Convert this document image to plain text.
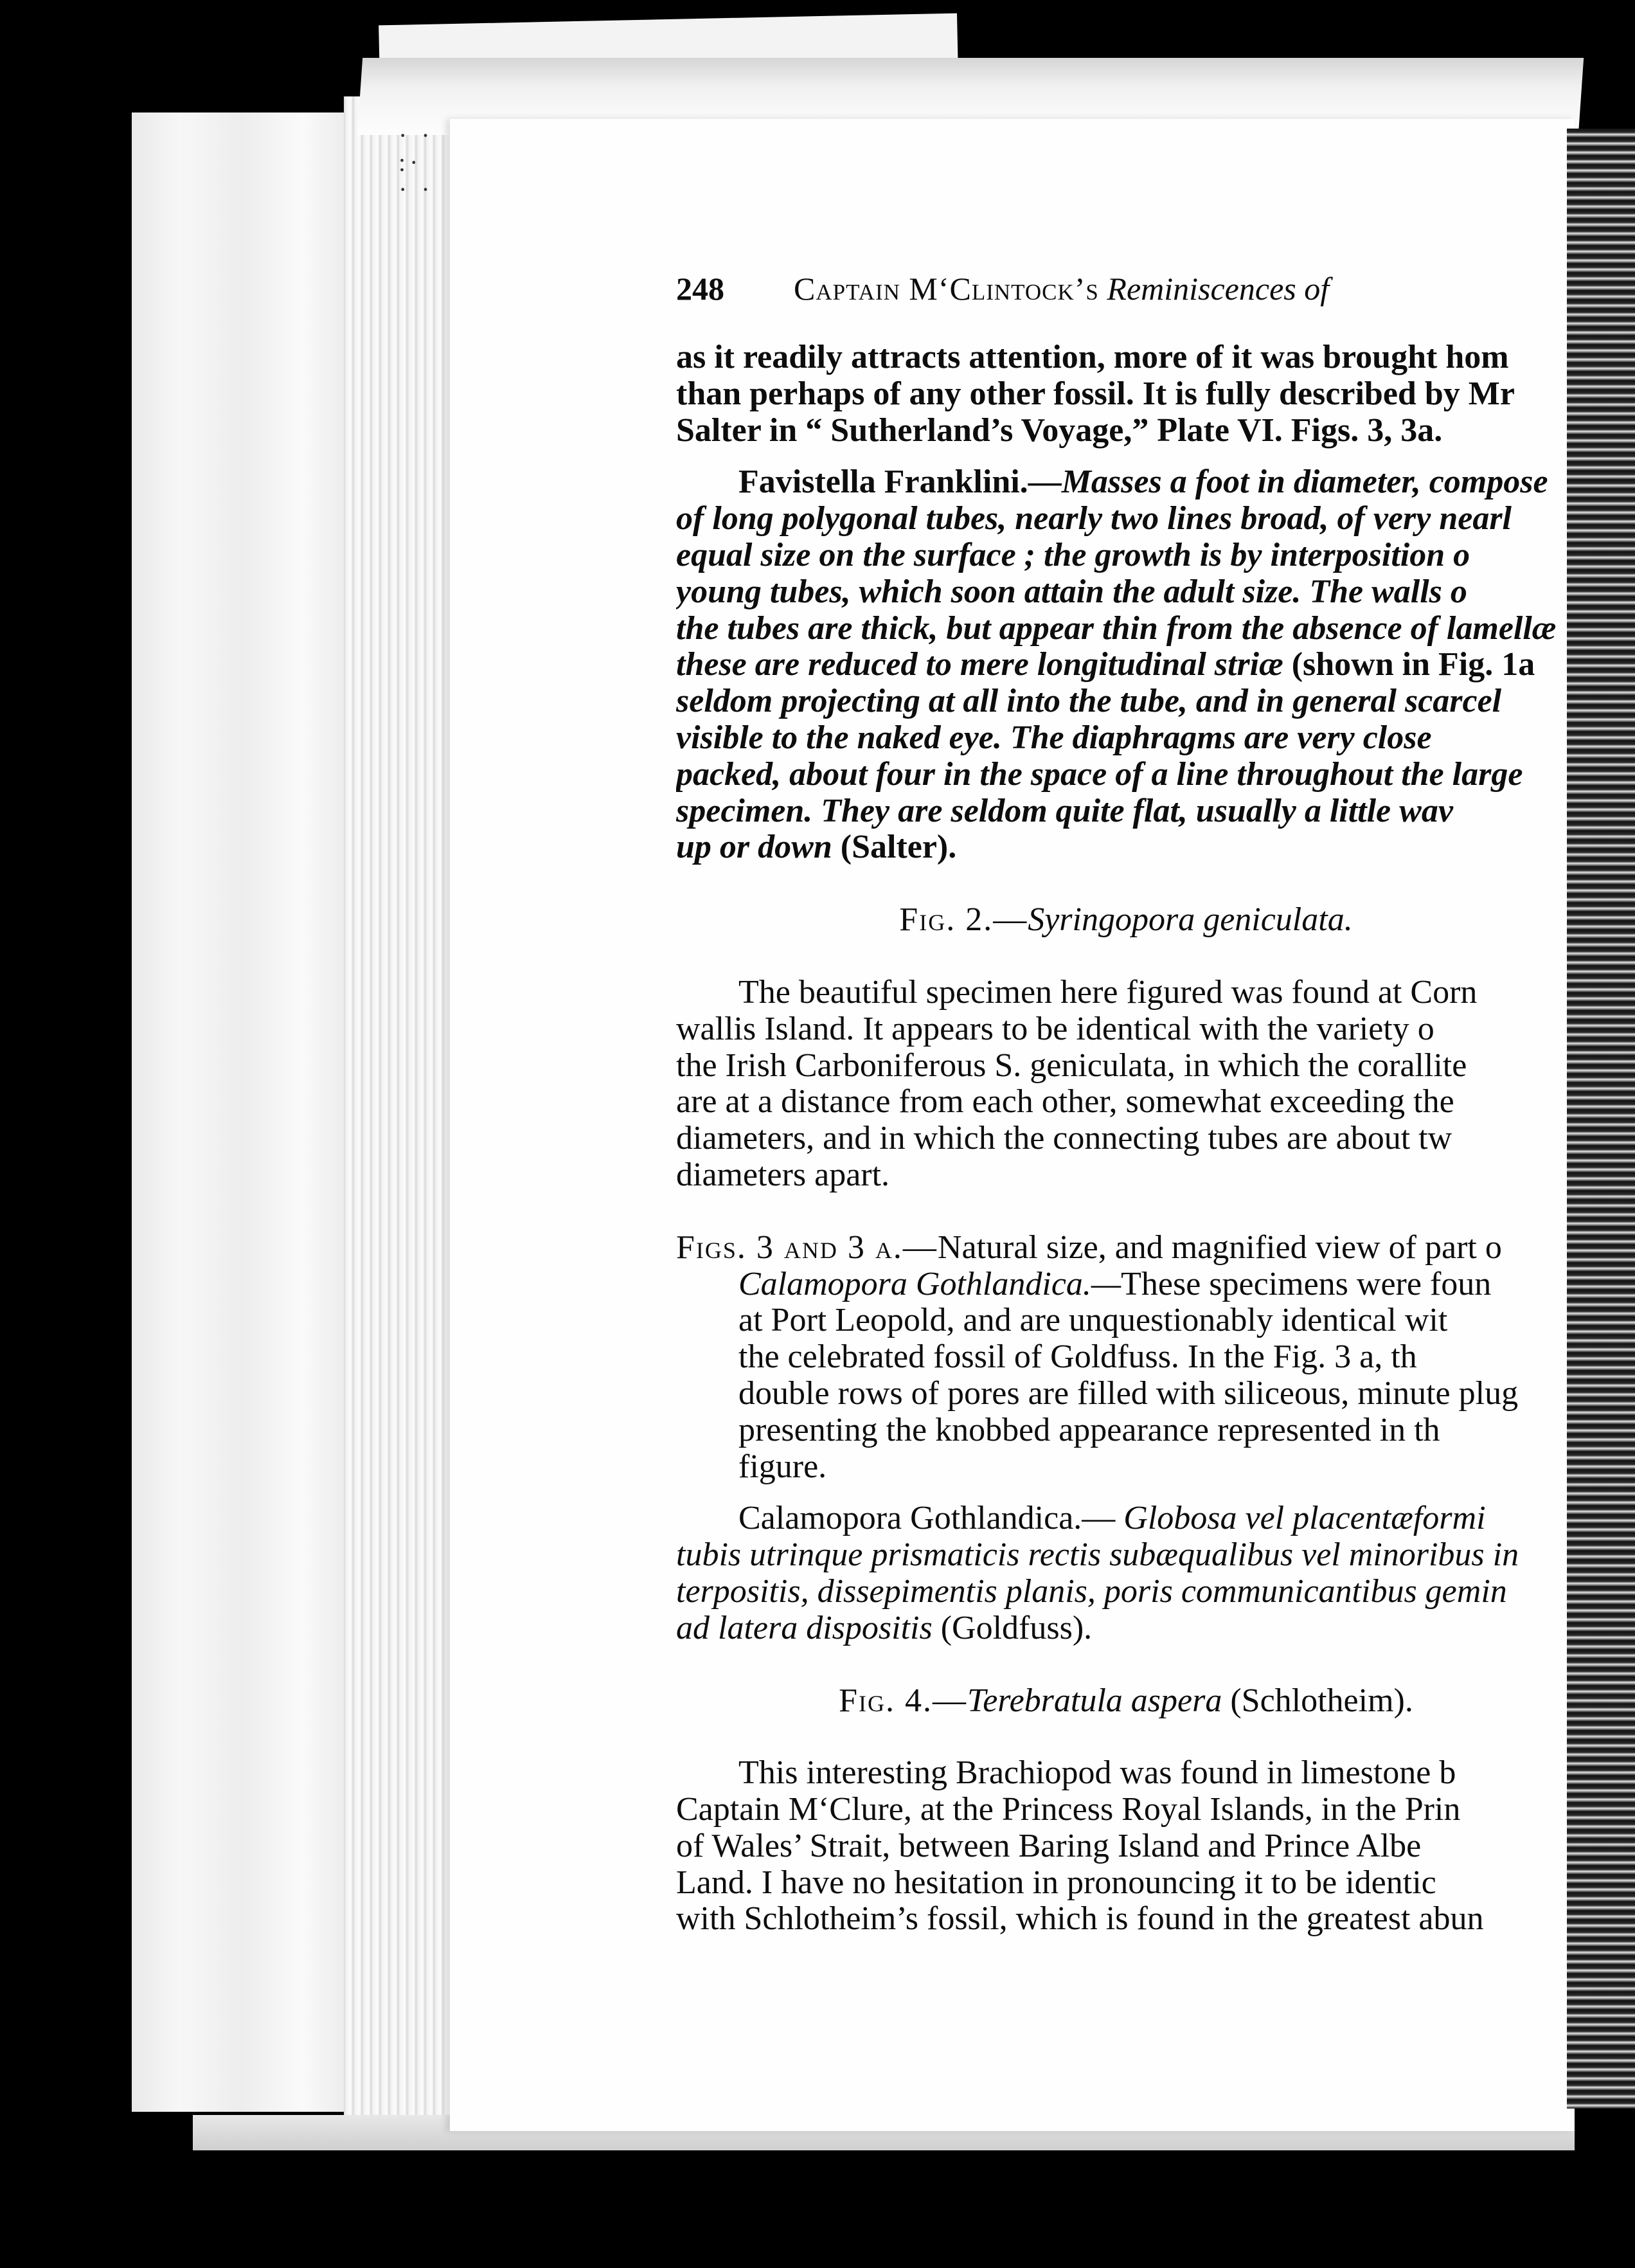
· ·
:·
· ·
248 Captain M‘Clintock’s Reminiscences of
as it readily attracts attention, more of it was brought hom
than perhaps of any other fossil. It is fully described by Mr
Salter in “ Sutherland’s Voyage,” Plate VI. Figs. 3, 3a.
Favistella Franklini.—Masses a foot in diameter, compose
of long polygonal tubes, nearly two lines broad, of very nearl
equal size on the surface ; the growth is by interposition o
young tubes, which soon attain the adult size. The walls o
the tubes are thick, but appear thin from the absence of lamellæ
these are reduced to mere longitudinal striæ (shown in Fig. 1a
seldom projecting at all into the tube, and in general scarcel
visible to the naked eye. The diaphragms are very close
packed, about four in the space of a line throughout the large
specimen. They are seldom quite flat, usually a little wav
up or down (Salter).
Fig. 2.—Syringopora geniculata.
The beautiful specimen here figured was found at Corn
wallis Island. It appears to be identical with the variety o
the Irish Carboniferous S. geniculata, in which the corallite
are at a distance from each other, somewhat exceeding the
diameters, and in which the connecting tubes are about tw
diameters apart.
Figs. 3 and 3 a.—Natural size, and magnified view of part o
Calamopora Gothlandica.—These specimens were foun
at Port Leopold, and are unquestionably identical wit
the celebrated fossil of Goldfuss. In the Fig. 3 a, th
double rows of pores are filled with siliceous, minute plug
presenting the knobbed appearance represented in th
figure.
Calamopora Gothlandica.— Globosa vel placentæformi
tubis utrinque prismaticis rectis subæqualibus vel minoribus in
terpositis, dissepimentis planis, poris communicantibus gemin
ad latera dispositis (Goldfuss).
Fig. 4.—Terebratula aspera (Schlotheim).
This interesting Brachiopod was found in limestone b
Captain M‘Clure, at the Princess Royal Islands, in the Prin
of Wales’ Strait, between Baring Island and Prince Albe
Land. I have no hesitation in pronouncing it to be identic
with Schlotheim’s fossil, which is found in the greatest abun
